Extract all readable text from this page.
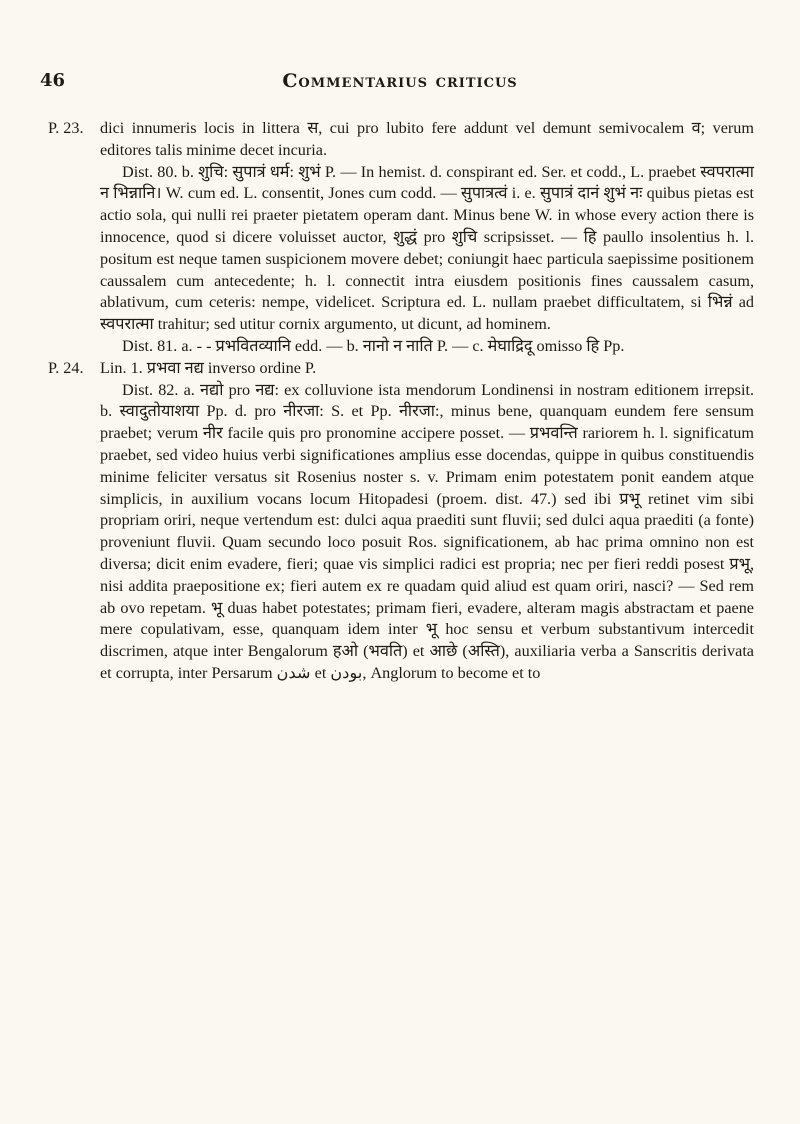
46	Commentarius criticus
P. 23. dici innumeris locis in littera स, cui pro lubito fere addunt vel demunt semivocalem व; verum editores talis minime decet incuria.

Dist. 80. b. शुचि: सुपात्रं धर्म: शुभं P. — In hemist. d. conspirant ed. Ser. et codd., L. praebet स्वपरात्मा न भिन्नानि। W. cum ed. L. consentit, Jones cum codd. — सुपात्रत्वं i. e. सुपात्रं दानं शुभं नः quibus pietas est actio sola, qui nulli rei praeter pietatem operam dant. Minus bene W. in whose every action there is innocence, quod si dicere voluisset auctor, शुद्धं pro शुचि scripsisset. — हि paullo insolentius h. l. positum est neque tamen suspicionem movere debet; coniungit haec particula saepissime positionem caussalem cum antecedente; h. l. connectit intra eiusdem positionis fines caussalem casum, ablativum, cum ceteris: nempe, videlicet. Scriptura ed. L. nullam praebet difficultatem, si भिन्नं ad स्वपरात्मा trahitur; sed utitur cornix argumento, ut dicunt, ad hominem.

Dist. 81. a. - - प्रभवितव्यानि edd. — b. नानो न नाति P. — c. मेघाद्रिदू omisso हि Pp.

P. 24. Lin. 1. प्रभवा नद्य inverso ordine P.

Dist. 82. a. नद्यो pro नद्य: ex colluvione ista mendorum Londinensi in nostram editionem irrepsit. b. स्वादुतोयाशया Pp. d. pro नीरजा: S. et Pp. नीरजा:, minus bene, quanquam eundem fere sensum praebet; verum नीर facile quis pro pronomine accipere posset. — प्रभवन्ति rariorem h. l. significatum praebet, sed video huius verbi significationes amplius esse docendas, quippe in quibus constituendis minime feliciter versatus sit Rosenius noster s. v. Primam enim potestatem ponit eandem atque simplicis, in auxilium vocans locum Hitopadesi (proem. dist. 47.) sed ibi प्रभू retinet vim sibi propriam oriri, neque vertendum est: dulci aqua praediti sunt fluvii; sed dulci aqua praediti (a fonte) proveniunt fluvii. Quam secundo loco posuit Ros. significationem, ab hac prima omnino non est diversa; dicit enim evadere, fieri; quae vis simplici radici est propria; nec per fieri reddi posest प्रभू, nisi addita praepositione ex; fieri autem ex re quadam quid aliud est quam oriri, nasci? — Sed rem ab ovo repetam. भू duas habet potestates; primam fieri, evadere, alteram magis abstractam et paene mere copulativam, esse, quanquam idem inter भू hoc sensu et verbum substantivum intercedit discrimen, atque inter Bengalorum हओ (भवति) et आछे (अस्ति), auxiliaria verba a Sanscritis derivata et corrupta, inter Persarum شدن et بودن, Anglorum to become et to
